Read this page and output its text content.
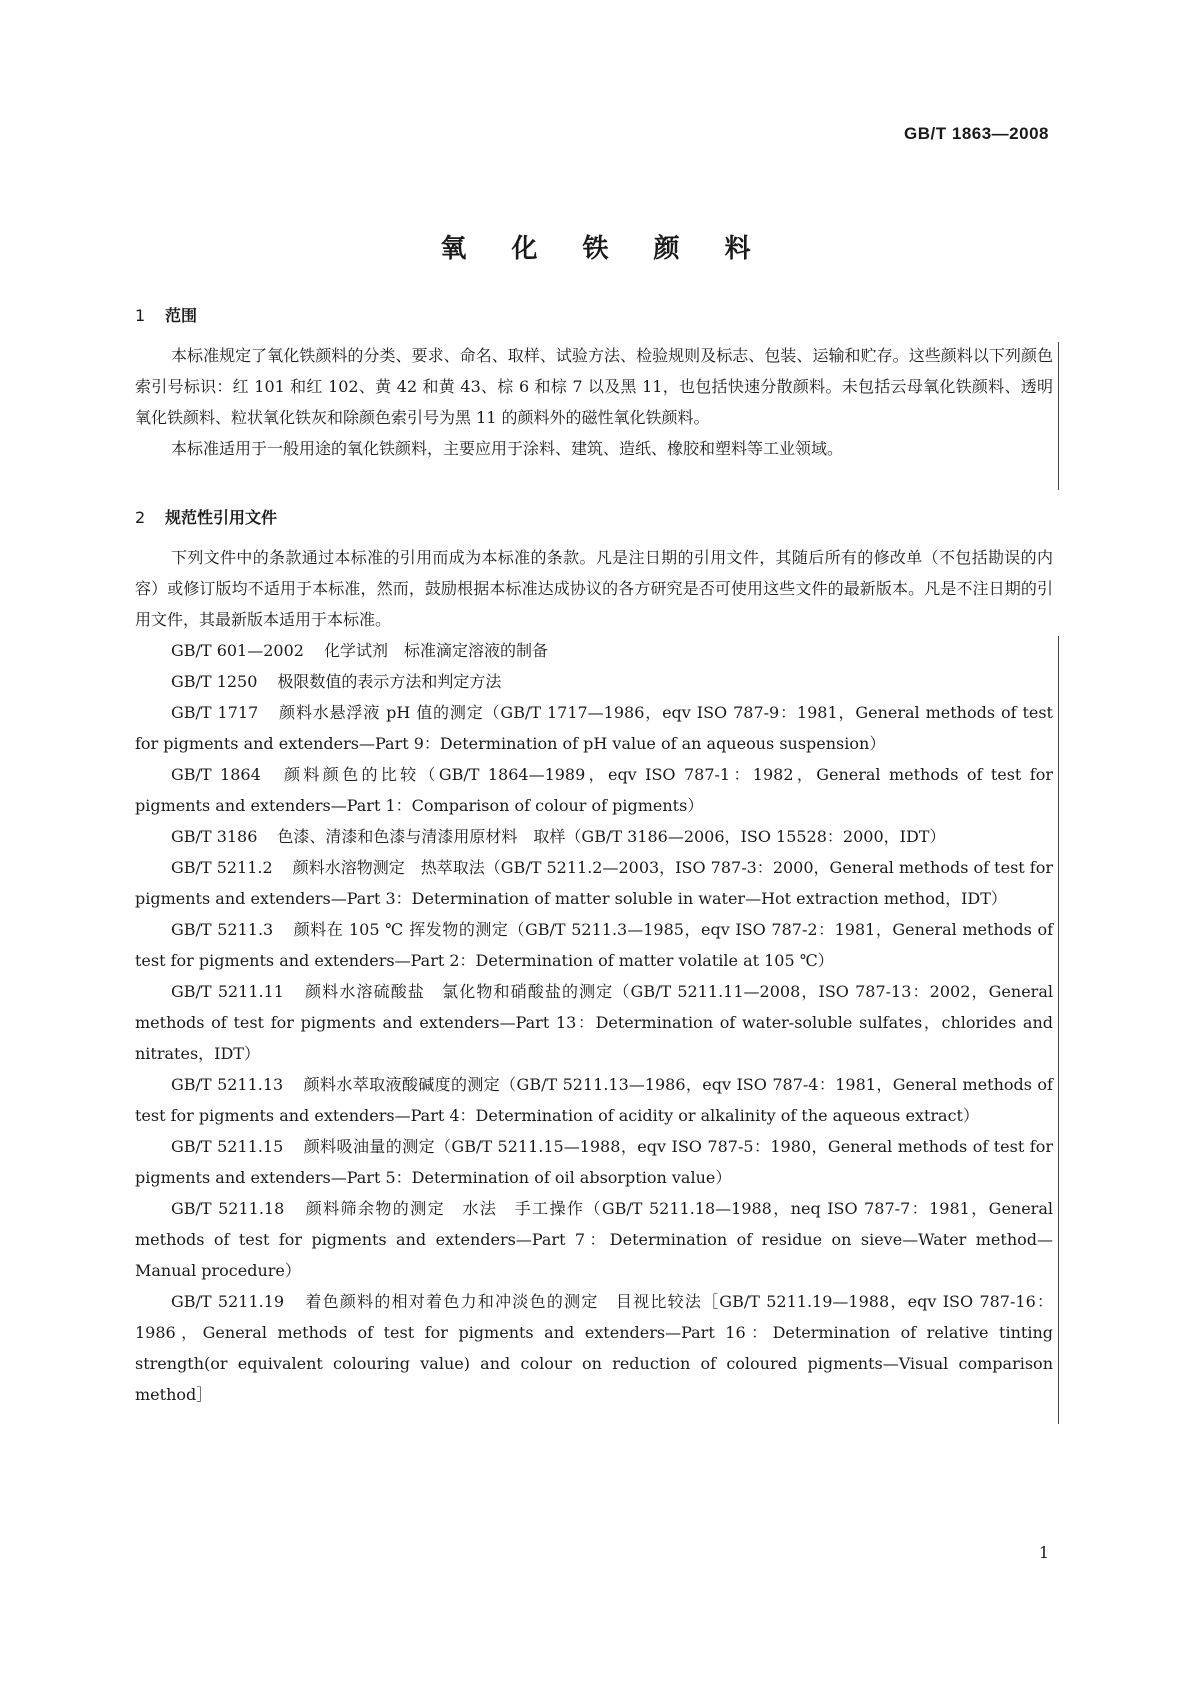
GB/T 1863—2008
氧 化 铁 颜 料
1 范围

本标准规定了氧化铁颜料的分类、要求、命名、取样、试验方法、检验规则及标志、包装、运输和贮存。这些颜料以下列颜色索引号标识：红 101 和红 102、黄 42 和黄 43、棕 6 和棕 7 以及黑 11，也包括快速分散颜料。未包括云母氧化铁颜料、透明氧化铁颜料、粒状氧化铁灰和除颜色索引号为黑 11 的颜料外的磁性氧化铁颜料。

本标准适用于一般用途的氧化铁颜料，主要应用于涂料、建筑、造纸、橡胶和塑料等工业领域。

2 规范性引用文件

下列文件中的条款通过本标准的引用而成为本标准的条款。凡是注日期的引用文件，其随后所有的修改单（不包括勘误的内容）或修订版均不适用于本标准，然而，鼓励根据本标准达成协议的各方研究是否可使用这些文件的最新版本。凡是不注日期的引用文件，其最新版本适用于本标准。

GB/T 601—2002 化学试剂　标准滴定溶液的制备

GB/T 1250 极限数值的表示方法和判定方法

GB/T 1717 颜料水悬浮液 pH 值的测定（GB/T 1717—1986，eqv ISO 787-9：1981，General methods of test for pigments and extenders—Part 9：Determination of pH value of an aqueous suspension）

GB/T 1864 颜料颜色的比较（GB/T 1864—1989，eqv ISO 787-1：1982，General methods of test for pigments and extenders—Part 1：Comparison of colour of pigments）

GB/T 3186 色漆、清漆和色漆与清漆用原材料　取样（GB/T 3186—2006，ISO 15528：2000，IDT）

GB/T 5211.2 颜料水溶物测定　热萃取法（GB/T 5211.2—2003，ISO 787-3：2000，General methods of test for pigments and extenders—Part 3：Determination of matter soluble in water—Hot extraction method，IDT）

GB/T 5211.3 颜料在 105 ℃ 挥发物的测定（GB/T 5211.3—1985，eqv ISO 787-2：1981，General methods of test for pigments and extenders—Part 2：Determination of matter volatile at 105 ℃）

GB/T 5211.11 颜料水溶硫酸盐　氯化物和硝酸盐的测定（GB/T 5211.11—2008，ISO 787-13：2002，General methods of test for pigments and extenders—Part 13：Determination of water-soluble sulfates，chlorides and nitrates，IDT）

GB/T 5211.13 颜料水萃取液酸碱度的测定（GB/T 5211.13—1986，eqv ISO 787-4：1981，General methods of test for pigments and extenders—Part 4：Determination of acidity or alkalinity of the aqueous extract）

GB/T 5211.15 颜料吸油量的测定（GB/T 5211.15—1988，eqv ISO 787-5：1980，General methods of test for pigments and extenders—Part 5：Determination of oil absorption value）

GB/T 5211.18 颜料筛余物的测定　水法　手工操作（GB/T 5211.18—1988，neq ISO 787-7：1981，General methods of test for pigments and extenders—Part 7：Determination of residue on sieve—Water method—Manual procedure）

GB/T 5211.19 着色颜料的相对着色力和冲淡色的测定　目视比较法［GB/T 5211.19—1988，eqv ISO 787-16：1986，General methods of test for pigments and extenders—Part 16：Determination of relative tinting strength(or equivalent colouring value) and colour on reduction of coloured pigments—Visual comparison method］

1
